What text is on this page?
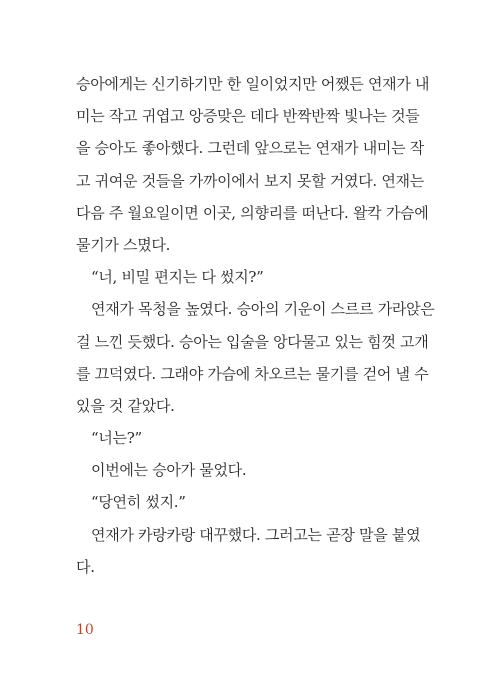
승아에게는 신기하기만 한 일이었지만 어쨌든 연재가 내
미는 작고 귀엽고 앙증맞은 데다 반짝반짝 빛나는 것들
을 승아도 좋아했다. 그런데 앞으로는 연재가 내미는 작
고 귀여운 것들을 가까이에서 보지 못할 거였다. 연재는
다음 주 월요일이면 이곳, 의향리를 떠난다. 왈칵 가슴에
물기가 스몄다.
“너, 비밀 편지는 다 썼지?”
연재가 목청을 높였다. 승아의 기운이 스르르 가라앉은
걸 느낀 듯했다. 승아는 입술을 앙다물고 있는 힘껏 고개
를 끄덕였다. 그래야 가슴에 차오르는 물기를 걷어 낼 수
있을 것 같았다.
“너는?”
이번에는 승아가 물었다.
“당연히 썼지.”
연재가 카랑카랑 대꾸했다. 그러고는 곧장 말을 붙였
다.
10
